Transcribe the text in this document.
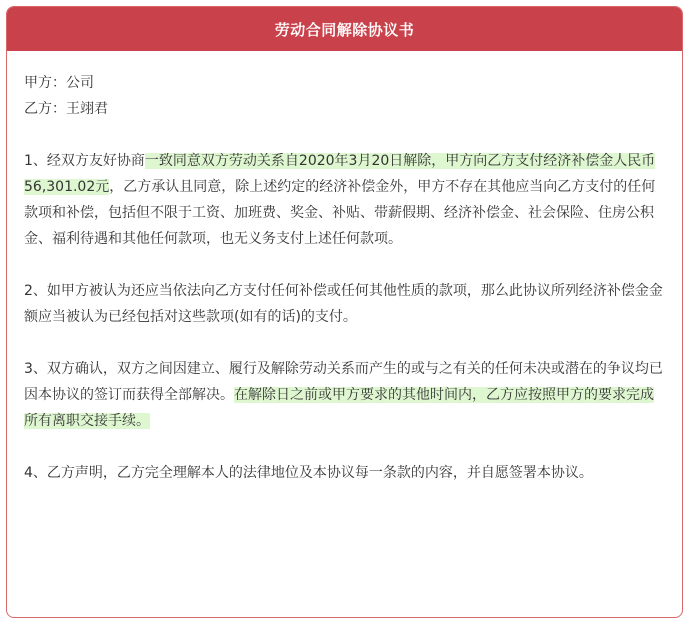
劳动合同解除协议书
甲方：公司
乙方：王翊君

1、经双方友好协商一致同意双方劳动关系自2020年3月20日解除，甲方向乙方支付经济补偿金人民币56,301.02元，乙方承认且同意，除上述约定的经济补偿金外，甲方不存在其他应当向乙方支付的任何款项和补偿，包括但不限于工资、加班费、奖金、补贴、带薪假期、经济补偿金、社会保险、住房公积金、福利待遇和其他任何款项，也无义务支付上述任何款项。

2、如甲方被认为还应当依法向乙方支付任何补偿或任何其他性质的款项，那么此协议所列经济补偿金金额应当被认为已经包括对这些款项(如有的话)的支付。

3、双方确认，双方之间因建立、履行及解除劳动关系而产生的或与之有关的任何未决或潜在的争议均已因本协议的签订而获得全部解决。在解除日之前或甲方要求的其他时间内，乙方应按照甲方的要求完成所有离职交接手续。

4、乙方声明，乙方完全理解本人的法律地位及本协议每一条款的内容，并自愿签署本协议。
